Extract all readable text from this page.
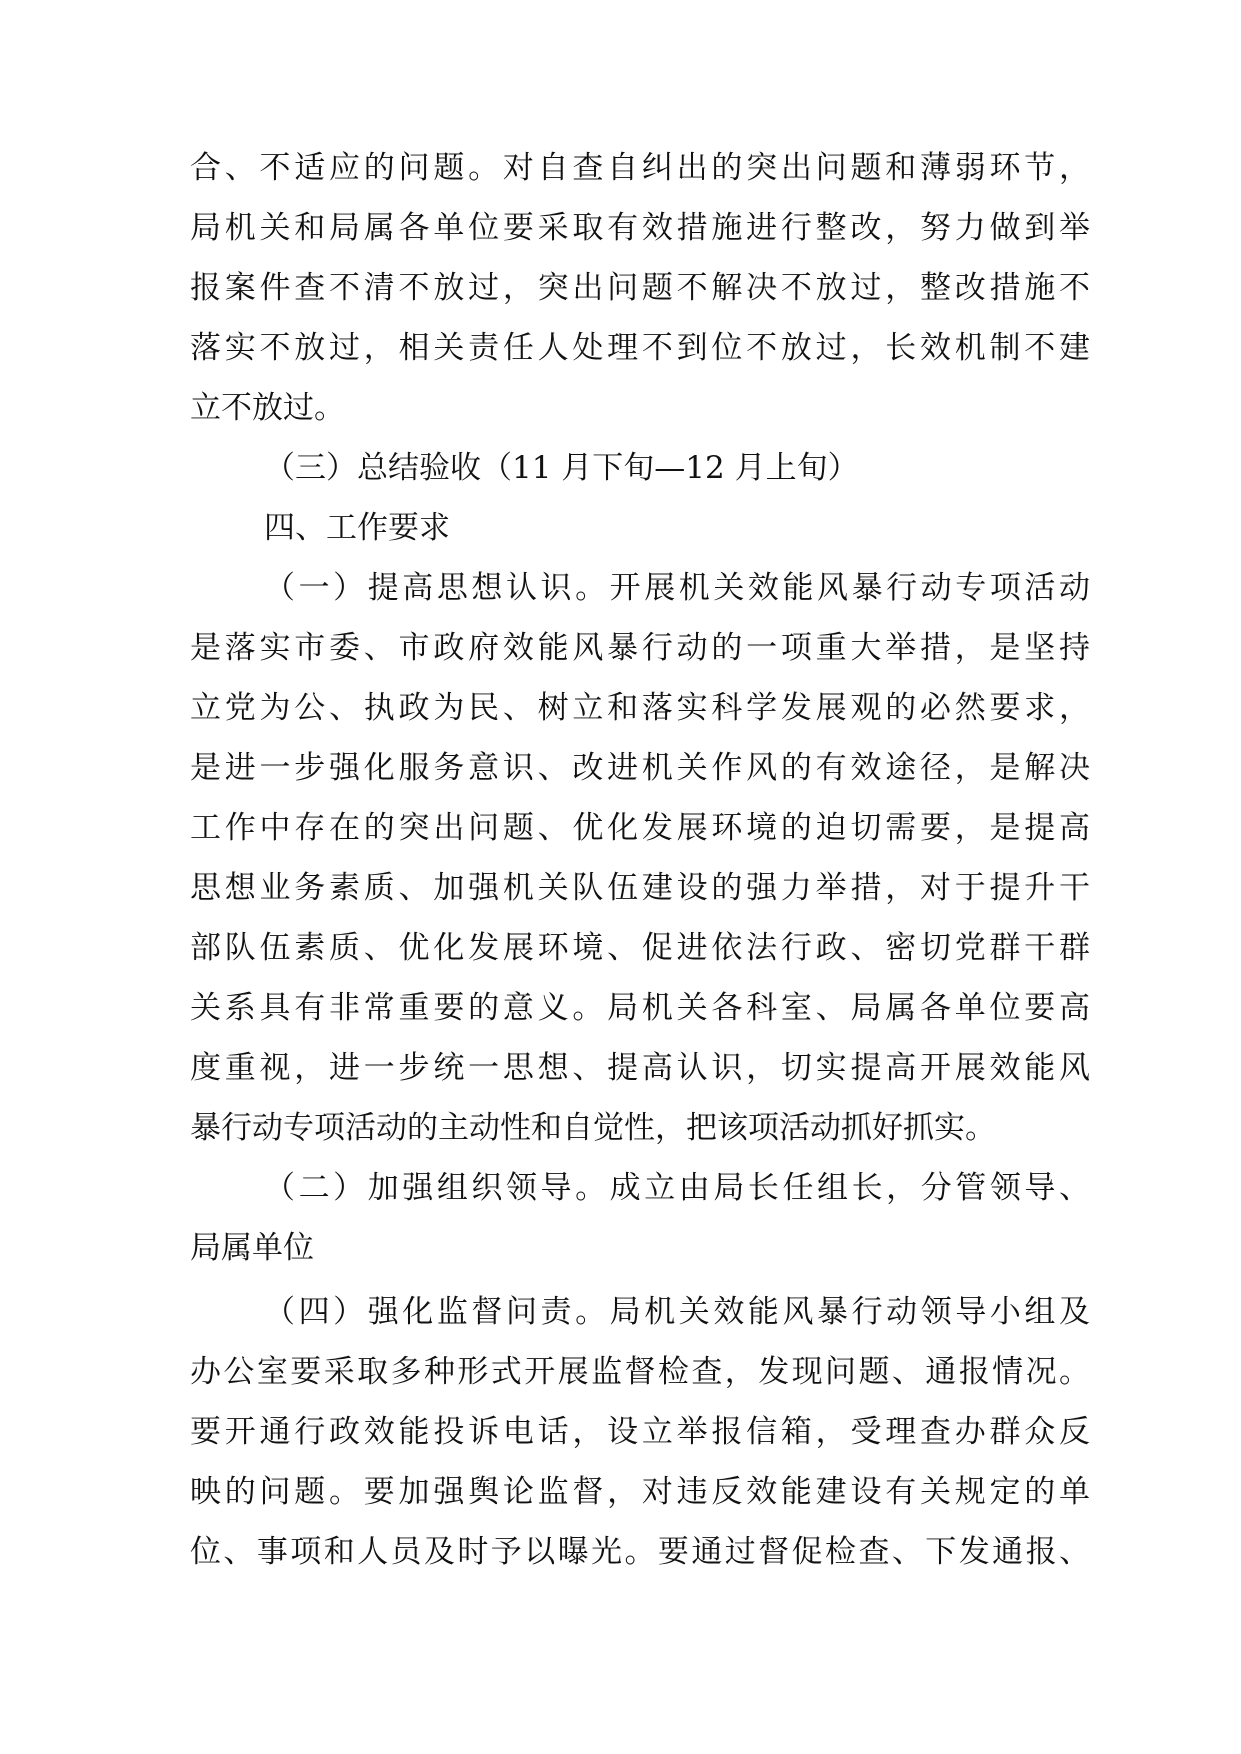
合、不适应的问题。对自查自纠出的突出问题和薄弱环节，
局机关和局属各单位要采取有效措施进行整改，努力做到举
报案件查不清不放过，突出问题不解决不放过，整改措施不
落实不放过，相关责任人处理不到位不放过，长效机制不建
立不放过。
（三）总结验收（11 月下旬—12 月上旬）
四、工作要求
（一）提高思想认识。开展机关效能风暴行动专项活动
是落实市委、市政府效能风暴行动的一项重大举措，是坚持
立党为公、执政为民、树立和落实科学发展观的必然要求，
是进一步强化服务意识、改进机关作风的有效途径，是解决
工作中存在的突出问题、优化发展环境的迫切需要，是提高
思想业务素质、加强机关队伍建设的强力举措，对于提升干
部队伍素质、优化发展环境、促进依法行政、密切党群干群
关系具有非常重要的意义。局机关各科室、局属各单位要高
度重视，进一步统一思想、提高认识，切实提高开展效能风
暴行动专项活动的主动性和自觉性，把该项活动抓好抓实。
（二）加强组织领导。成立由局长任组长，分管领导、
局属单位
（四）强化监督问责。局机关效能风暴行动领导小组及
办公室要采取多种形式开展监督检查，发现问题、通报情况。
要开通行政效能投诉电话，设立举报信箱，受理查办群众反
映的问题。要加强舆论监督，对违反效能建设有关规定的单
位、事项和人员及时予以曝光。要通过督促检查、下发通报、
